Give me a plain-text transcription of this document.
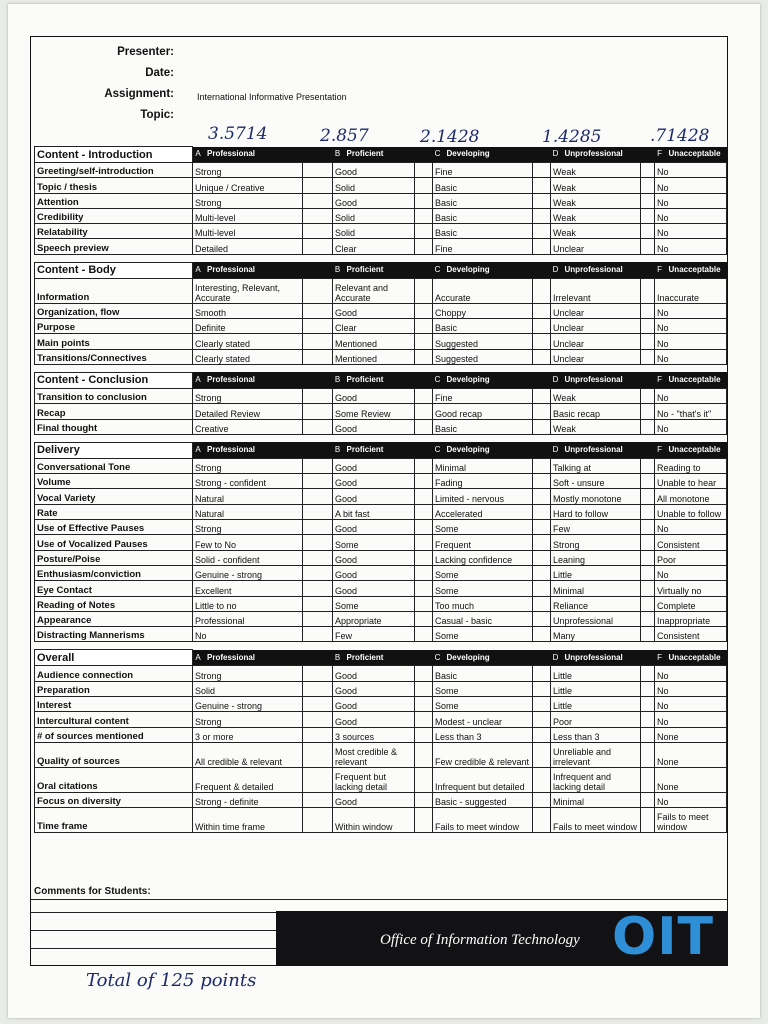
Presenter:
Date:
Assignment:	International Informative Presentation
Topic:
3.5714	2.857	2.1428	1.4285	.71428
Content - Introduction	A Professional		B Proficient		C Developing		D Unprofessional		F Unacceptable
Greeting/self-introduction	Strong		Good		Fine		Weak		No
Topic / thesis	Unique / Creative		Solid		Basic		Weak		No
Attention	Strong		Good		Basic		Weak		No
Credibility	Multi-level		Solid		Basic		Weak		No
Relatability	Multi-level		Solid		Basic		Weak		No
Speech preview	Detailed		Clear		Fine		Unclear		No

Content - Body	A Professional		B Proficient		C Developing		D Unprofessional		F Unacceptable
Information	Interesting, Relevant, Accurate		Relevant and Accurate		Accurate		Irrelevant		Inaccurate
Organization, flow	Smooth		Good		Choppy		Unclear		No
Purpose	Definite		Clear		Basic		Unclear		No
Main points	Clearly stated		Mentioned		Suggested		Unclear		No
Transitions/Connectives	Clearly stated		Mentioned		Suggested		Unclear		No

Content - Conclusion	A Professional		B Proficient		C Developing		D Unprofessional		F Unacceptable
Transition to conclusion	Strong		Good		Fine		Weak		No
Recap	Detailed Review		Some Review		Good recap		Basic recap		No - "that's it"
Final thought	Creative		Good		Basic		Weak		No

Delivery	A Professional		B Proficient		C Developing		D Unprofessional		F Unacceptable
Conversational Tone	Strong		Good		Minimal		Talking at		Reading to
Volume	Strong - confident		Good		Fading		Soft - unsure		Unable to hear
Vocal Variety	Natural		Good		Limited - nervous		Mostly monotone		All monotone
Rate	Natural		A bit fast		Accelerated		Hard to follow		Unable to follow
Use of Effective Pauses	Strong		Good		Some		Few		No
Use of Vocalized Pauses	Few to No		Some		Frequent		Strong		Consistent
Posture/Poise	Solid - confident		Good		Lacking confidence		Leaning		Poor
Enthusiasm/conviction	Genuine - strong		Good		Some		Little		No
Eye Contact	Excellent		Good		Some		Minimal		Virtually no
Reading of Notes	Little to no		Some		Too much		Reliance		Complete
Appearance	Professional		Appropriate		Casual - basic		Unprofessional		Inappropriate
Distracting Mannerisms	No		Few		Some		Many		Consistent

Overall	A Professional		B Proficient		C Developing		D Unprofessional		F Unacceptable
Audience connection	Strong		Good		Basic		Little		No
Preparation	Solid		Good		Some		Little		No
Interest	Genuine - strong		Good		Some		Little		No
Intercultural content	Strong		Good		Modest - unclear		Poor		No
# of sources mentioned	3 or more		3 sources		Less than 3		Less than 3		None
Quality of sources	All credible & relevant		Most credible & relevant		Few credible & relevant		Unreliable and irrelevant		None
Oral citations	Frequent & detailed		Frequent but lacking detail		Infrequent but detailed		Infrequent and lacking detail		None
Focus on diversity	Strong - definite		Good		Basic - suggested		Minimal		No
Time frame	Within time frame		Within window		Fails to meet window		Fails to meet window		Fails to meet window
Comments for Students:
Office of Information Technology OIT
Total of 125 points
